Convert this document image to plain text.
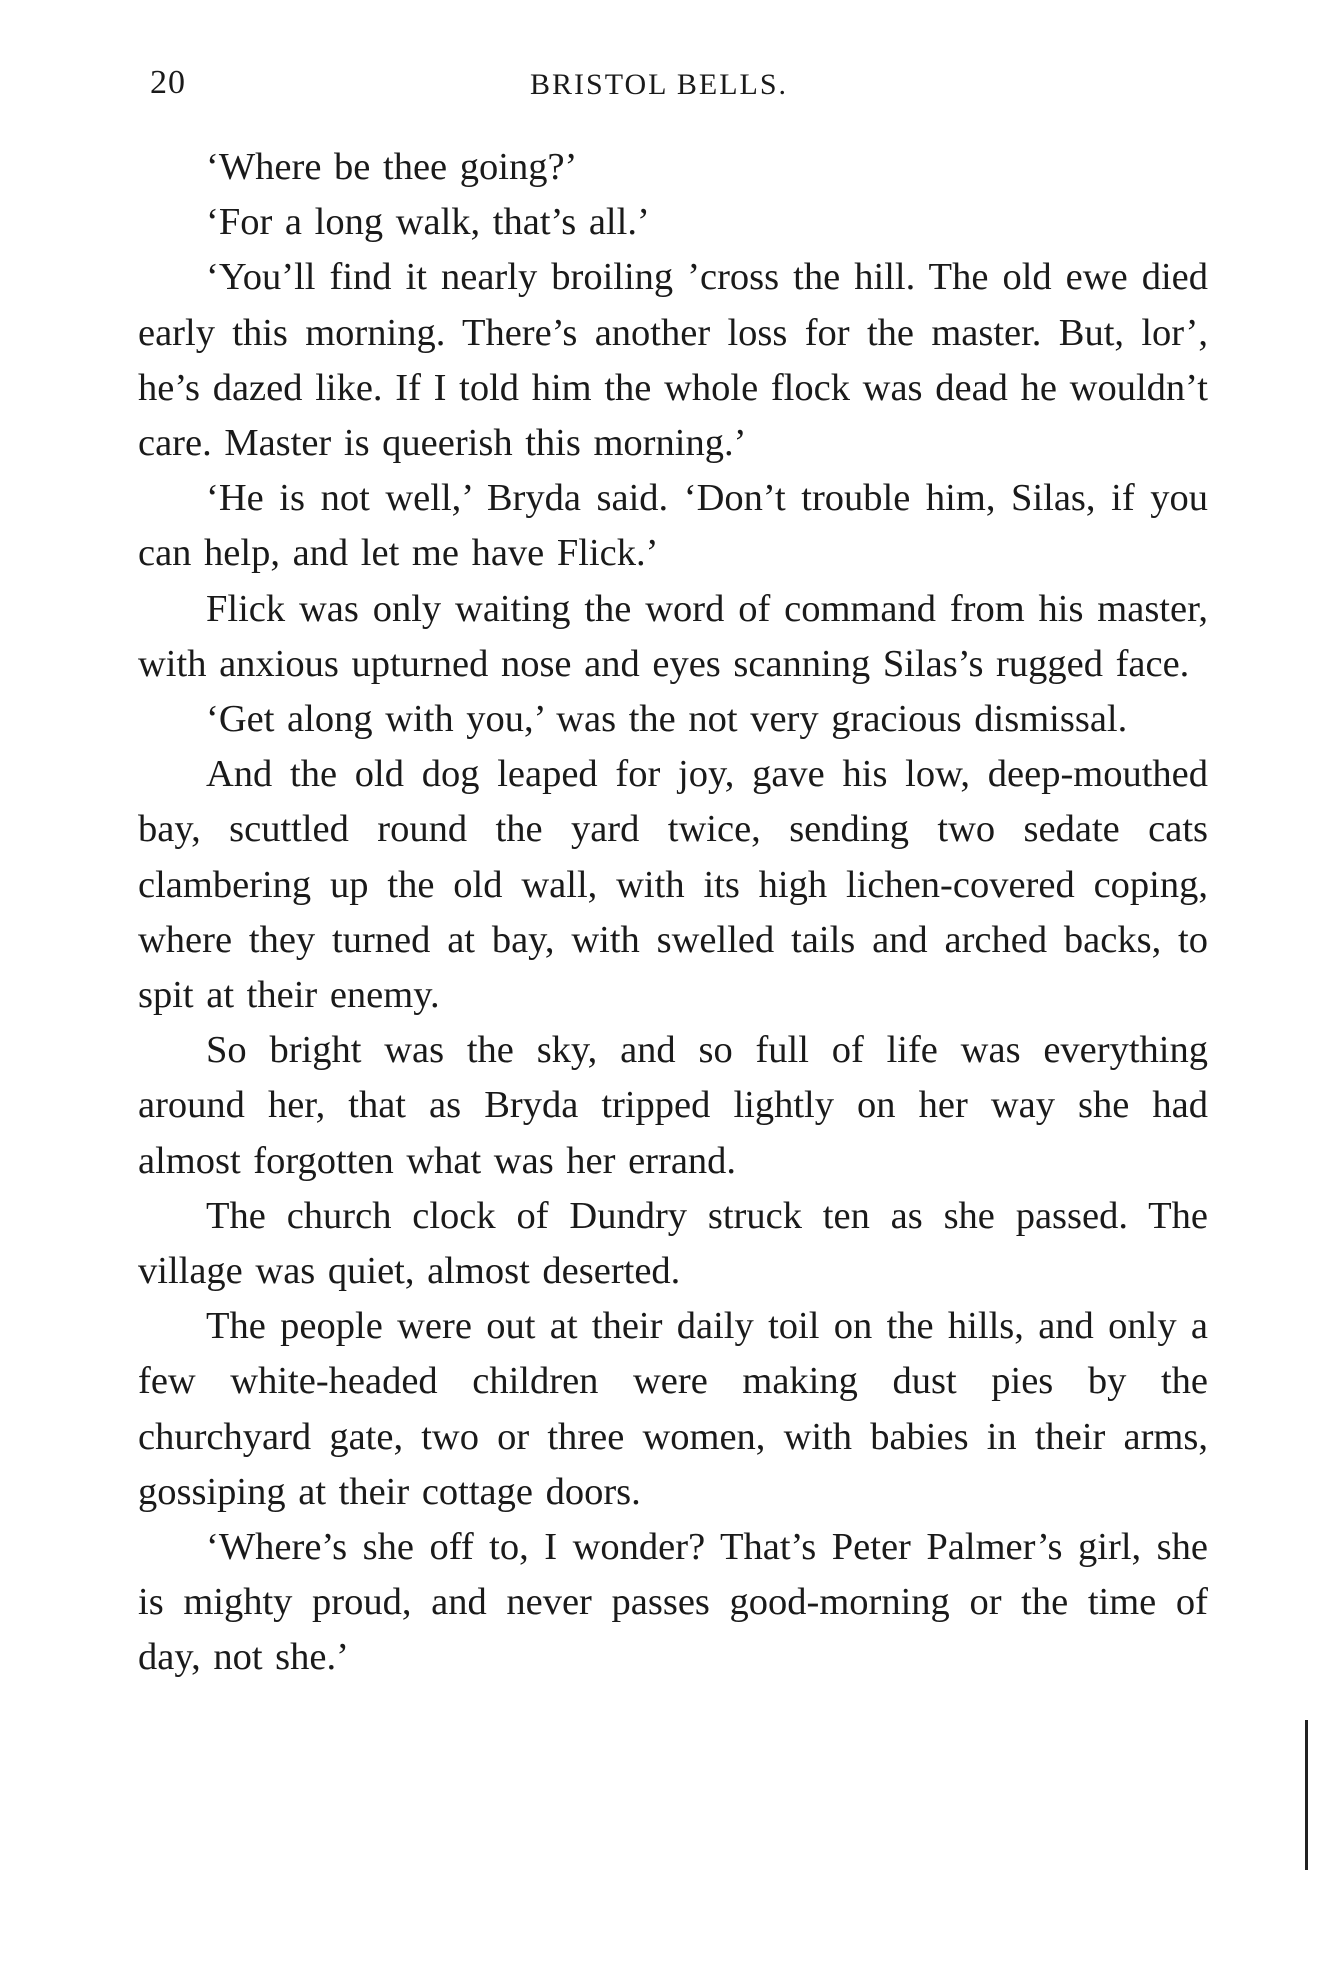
20	BRISTOL BELLS.

‘Where be thee going?’

‘For a long walk, that’s all.’

‘You’ll find it nearly broiling ’cross the hill. The old ewe died early this morning. There’s another loss for the master. But, lor’, he’s dazed like. If I told him the whole flock was dead he wouldn’t care. Master is queerish this morning.’

‘He is not well,’ Bryda said. ‘Don’t trouble him, Silas, if you can help, and let me have Flick.’

Flick was only waiting the word of command from his master, with anxious upturned nose and eyes scanning Silas’s rugged face.

‘Get along with you,’ was the not very gracious dismissal.

And the old dog leaped for joy, gave his low, deep-mouthed bay, scuttled round the yard twice, sending two sedate cats clambering up the old wall, with its high lichen-covered coping, where they turned at bay, with swelled tails and arched backs, to spit at their enemy.

So bright was the sky, and so full of life was everything around her, that as Bryda tripped lightly on her way she had almost forgotten what was her errand.

The church clock of Dundry struck ten as she passed. The village was quiet, almost deserted.

The people were out at their daily toil on the hills, and only a few white-headed children were making dust pies by the churchyard gate, two or three women, with babies in their arms, gossiping at their cottage doors.

‘Where’s she off to, I wonder? That’s Peter Palmer’s girl, she is mighty proud, and never passes good-morning or the time of day, not she.’
